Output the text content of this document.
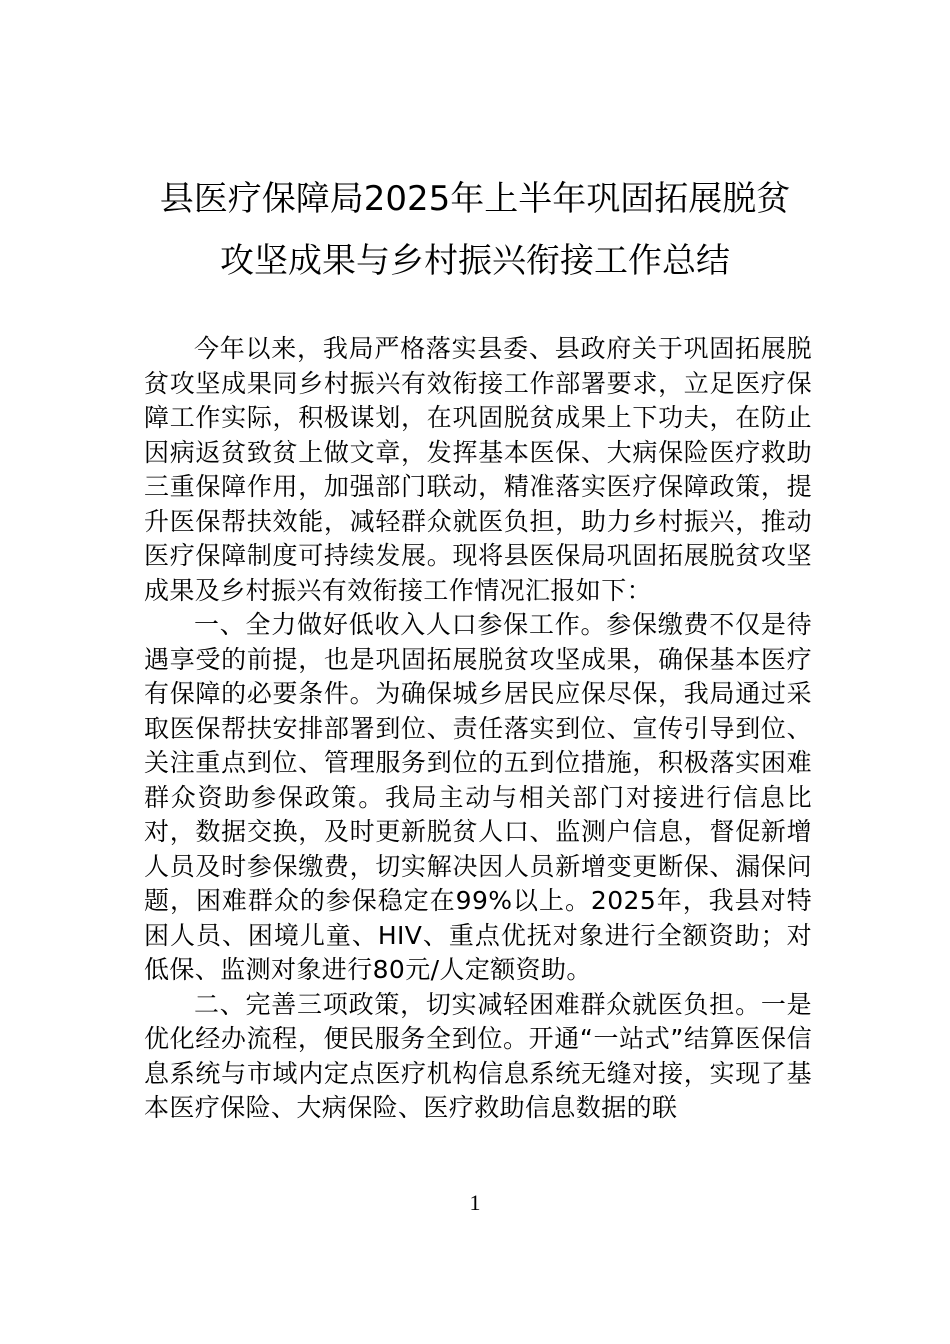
县医疗保障局2025年上半年巩固拓展脱贫
攻坚成果与乡村振兴衔接工作总结

今年以来，我局严格落实县委、县政府关于巩固拓展脱贫攻坚成果同乡村振兴有效衔接工作部署要求，立足医疗保障工作实际，积极谋划，在巩固脱贫成果上下功夫，在防止因病返贫致贫上做文章，发挥基本医保、大病保险医疗救助三重保障作用，加强部门联动，精准落实医疗保障政策，提升医保帮扶效能，减轻群众就医负担，助力乡村振兴，推动医疗保障制度可持续发展。现将县医保局巩固拓展脱贫攻坚成果及乡村振兴有效衔接工作情况汇报如下：

一、全力做好低收入人口参保工作。参保缴费不仅是待遇享受的前提，也是巩固拓展脱贫攻坚成果，确保基本医疗有保障的必要条件。为确保城乡居民应保尽保，我局通过采取医保帮扶安排部署到位、责任落实到位、宣传引导到位、关注重点到位、管理服务到位的五到位措施，积极落实困难群众资助参保政策。我局主动与相关部门对接进行信息比对，数据交换，及时更新脱贫人口、监测户信息，督促新增人员及时参保缴费，切实解决因人员新增变更断保、漏保问题，困难群众的参保稳定在99%以上。2025年，我县对特困人员、困境儿童、HIV、重点优抚对象进行全额资助；对低保、监测对象进行80元/人定额资助。

二、完善三项政策，切实减轻困难群众就医负担。一是优化经办流程，便民服务全到位。开通“一站式”结算医保信息系统与市域内定点医疗机构信息系统无缝对接，实现了基本医疗保险、大病保险、医疗救助信息数据的联

1
